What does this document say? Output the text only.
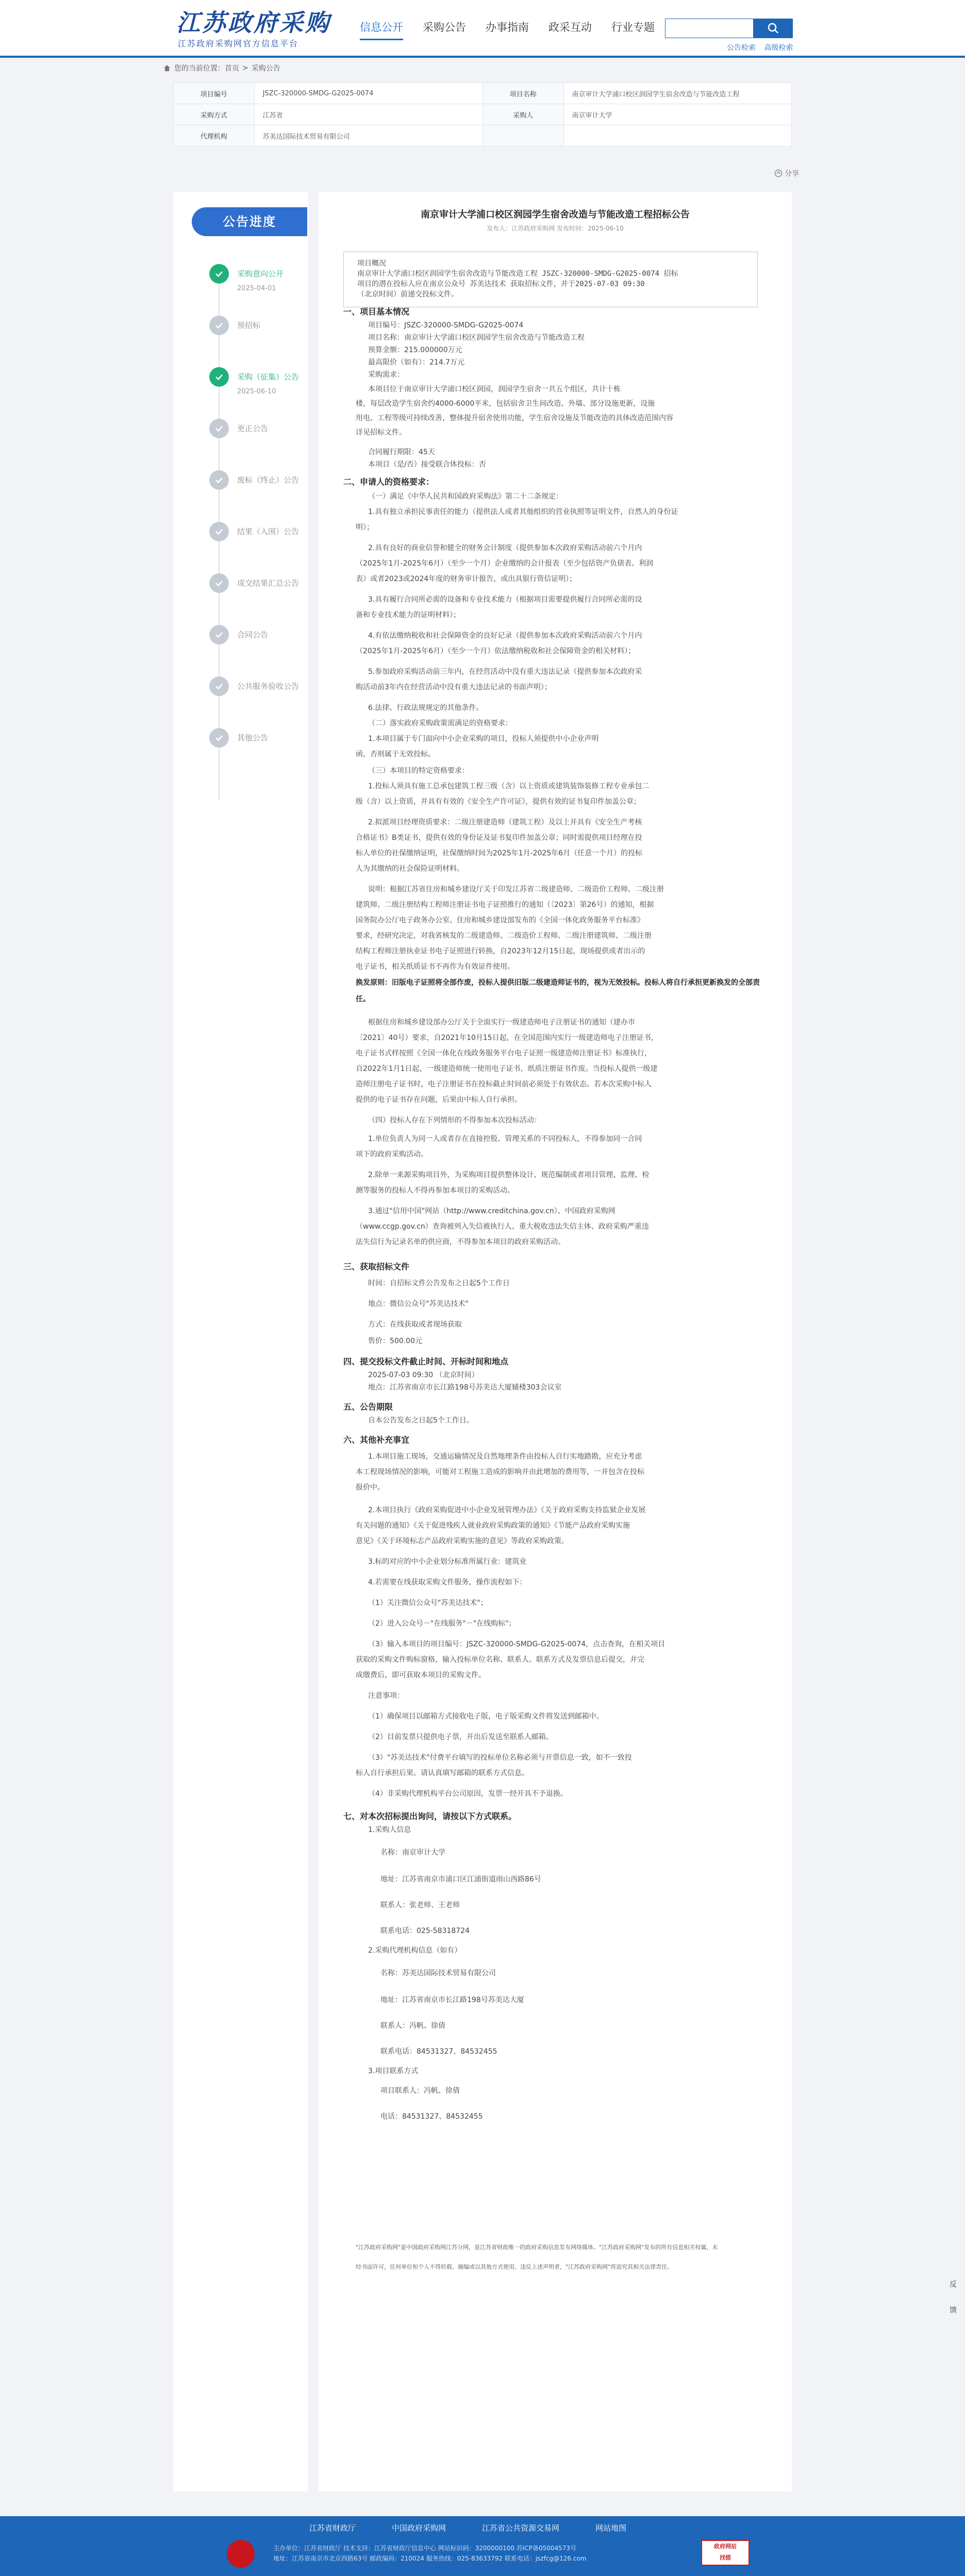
江苏政府采购
江苏政府采购网官方信息平台
信息公开 采购公告 办事指南 政采互动 行业专题
公告检索 高级检索
您的当前位置： 首页 > 采购公告
项目编号	JSZC-320000-SMDG-G2025-0074	项目名称	南京审计大学浦口校区润园学生宿舍改造与节能改造工程
采购方式	江苏省	采购人	南京审计大学
代理机构	苏美达国际技术贸易有限公司		
分享
公告进度
采购意向公开
2025-04-01
预招标
采购（征集）公告
2025-06-10
更正公告
废标（终止）公告
结果（入围）公告
成交结果汇总公告
合同公告
公共服务验收公告
其他公告
南京审计大学浦口校区润园学生宿舍改造与节能改造工程招标公告
发布人：江苏政府采购网 发布时间：2025-06-10
项目概况
南京审计大学浦口校区润园学生宿舍改造与节能改造工程 JSZC-320000-SMDG-G2025-0074 招标
项目的潜在投标人应在南京公众号 苏美达技术 获取招标文件，并于2025-07-03 09:30
（北京时间）前递交投标文件。
一、项目基本情况
项目编号：JSZC-320000-SMDG-G2025-0074
项目名称：南京审计大学浦口校区润园学生宿舍改造与节能改造工程
预算金额：215.000000万元
最高限价（如有）：214.7万元
采购需求：
本项目位于南京审计大学浦口校区润园，润园学生宿舍一共五个组区，共计十栋
楼，每层改造学生宿舍约4000-6000平米，包括宿舍卫生间改造、外墙、部分设施更新，设施
用电、工程等级可持续改善，整体提升宿舍使用功能，学生宿舍设施及节能改造的具体改造范围内容
详见招标文件。
合同履行期限：45天
本项目（是/否）接受联合体投标：否
二、申请人的资格要求：
（一）满足《中华人民共和国政府采购法》第二十二条规定：
1.具有独立承担民事责任的能力（提供法人或者其他组织的营业执照等证明文件，自然人的身份证
明）；
2.具有良好的商业信誉和健全的财务会计制度（提供参加本次政府采购活动前六个月内
（2025年1月-2025年6月）（至少一个月）企业缴纳的会计报表（至少包括资产负债表、利润
表）或者2023或2024年度的财务审计报告，或出具银行资信证明）；
3.具有履行合同所必需的设备和专业技术能力（根据项目需要提供履行合同所必需的设
备和专业技术能力的证明材料）；
4.有依法缴纳税收和社会保障资金的良好记录（提供参加本次政府采购活动前六个月内
（2025年1月-2025年6月）（至少一个月）依法缴纳税收和社会保障资金的相关材料）；
5.参加政府采购活动前三年内，在经营活动中没有重大违法记录（提供参加本次政府采
购活动前3年内在经营活动中没有重大违法记录的书面声明）；
6.法律、行政法规规定的其他条件。
（二）落实政府采购政策需满足的资格要求：
1.本项目属于专门面向中小企业采购的项目，投标人须提供中小企业声明
函，否则属于无效投标。
（三）本项目的特定资格要求：
1.投标人须具有施工总承包建筑工程三级（含）以上资质或建筑装饰装修工程专业承包二
级（含）以上资质，并具有有效的《安全生产许可证》，提供有效的证书复印件加盖公章；
2.拟派项目经理资质要求：二级注册建造师（建筑工程）及以上并具有《安全生产考核
合格证书》B类证书，提供有效的身份证及证书复印件加盖公章；同时需提供项目经理在投
标人单位的社保缴纳证明，社保缴纳时间为2025年1月-2025年6月（任意一个月）的投标
人为其缴纳的社会保险证明材料。
说明：根据江苏省住房和城乡建设厅关于印发江苏省二级建造师、二级造价工程师、二级注册
建筑师、二级注册结构工程师注册证书电子证照推行的通知（〔2023〕第26号）的通知，根据
国务院办公厅电子政务办公室、住房和城乡建设部发布的《全国一体化政务服务平台标准》
要求，经研究决定，对我省核发的二级建造师、二级造价工程师、二级注册建筑师、二级注册
结构工程师注册执业证书电子证照进行转换，自2023年12月15日起，现场提供或者出示的
电子证书，相关纸质证书不再作为有效证件使用。
换发原则：旧版电子证照将全部作废，投标人提供旧版二级建造师证书的，视为无效投标。投标人将自行承担更新换发的全部责任。
根据住房和城乡建设部办公厅关于全面实行一级建造师电子注册证书的通知（建办市
〔2021〕40号）要求，自2021年10月15日起，在全国范围内实行一级建造师电子注册证书，
电子证书式样按照《全国一体化在线政务服务平台电子证照一级建造师注册证书》标准执行，
自2022年1月1日起，一级建造师统一使用电子证书，纸质注册证书作废。当投标人提供一级建
造师注册电子证书时，电子注册证书在投标截止时间前必须处于有效状态。若本次采购中标人
提供的电子证书存在问题，后果由中标人自行承担。
（四）投标人存在下列情形的不得参加本次投标活动：
1.单位负责人为同一人或者存在直接控股、管理关系的不同投标人，不得参加同一合同
项下的政府采购活动。
2.除单一来源采购项目外，为采购项目提供整体设计、规范编制或者项目管理、监理、检
测等服务的投标人不得再参加本项目的采购活动。
3.通过"信用中国"网站（http://www.creditchina.gov.cn）、中国政府采购网
（www.ccgp.gov.cn）查询被列入失信被执行人、重大税收违法失信主体、政府采购严重违
法失信行为记录名单的供应商，不得参加本项目的政府采购活动。
三、获取招标文件
时间：自招标文件公告发布之日起5个工作日
地点：微信公众号"苏美达技术"
方式：在线获取或者现场获取
售价：500.00元
四、提交投标文件截止时间、开标时间和地点
2025-07-03 09:30 （北京时间）
地点：江苏省南京市长江路198号苏美达大厦辅楼303会议室
五、公告期限
自本公告发布之日起5个工作日。
六、其他补充事宜
1.本项目施工现场，交通运输情况及自然地理条件由投标人自行实地踏勘，应充分考虑
本工程现场情况的影响，可能对工程施工造成的影响并由此增加的费用等，一并包含在投标
报价中。
2.本项目执行《政府采购促进中小企业发展管理办法》《关于政府采购支持监狱企业发展
有关问题的通知》《关于促进残疾人就业政府采购政策的通知》《节能产品政府采购实施
意见》《关于环境标志产品政府采购实施的意见》等政府采购政策。
3.标的对应的中小企业划分标准所属行业：建筑业
4.若需要在线获取采购文件服务，操作流程如下：
（1）关注微信公众号"苏美达技术"；
（2）进入公众号－"在线服务"－"在线购标"；
（3）输入本项目的项目编号：JSZC-320000-SMDG-G2025-0074，点击查询，在相关项目
获取的采购文件购标窗格，输入投标单位名称、联系人、联系方式及发票信息后提交，并完
成缴费后，即可获取本项目的采购文件。
注意事项：
（1）确保项目以邮箱方式接收电子版，电子版采购文件将发送到邮箱中。
（2）目前发票只提供电子票，开出后发送至联系人邮箱。
（3）"苏美达技术"付费平台填写的投标单位名称必须与开票信息一致，如不一致投
标人自行承担后果。请认真填写邮箱的联系方式信息。
（4）非采购代理机构平台公司原因，发票一经开具不予退换。
七、对本次招标提出询问，请按以下方式联系。
1.采购人信息
名称：南京审计大学
地址：江苏省南京市浦口区江浦街道雨山西路86号
联系人：张老师、王老师
联系电话：025-58318724
2.采购代理机构信息（如有）
名称：苏美达国际技术贸易有限公司
地址：江苏省南京市长江路198号苏美达大厦
联系人：冯帆、徐倩
联系电话：84531327、84532455
3.项目联系方式
项目联系人：冯帆、徐倩
电话：84531327、84532455
"江苏政府采购网"是中国政府采购网江苏分网，是江苏省财政唯一的政府采购信息发布网络媒体。"江苏政府采购网"发布的所有信息相关权属，未
经书面许可，任何单位和个人不得转载、摘编或以其他方式使用。违反上述声明者，"江苏政府采购网"将追究其相关法律责任。
反
馈
江苏省财政厅	中国政府采购网	江苏省公共资源交易网	网站地图
主办单位：江苏省财政厅 技术支持：江苏省财政厅信息中心 网站标识码：3200000100 苏ICP备05004573号
地址：江苏省南京市北京西路63号 邮政编码：210024 服务热线：025-83633792 联系电话：jszfcg@126.com
政府网站
找错
